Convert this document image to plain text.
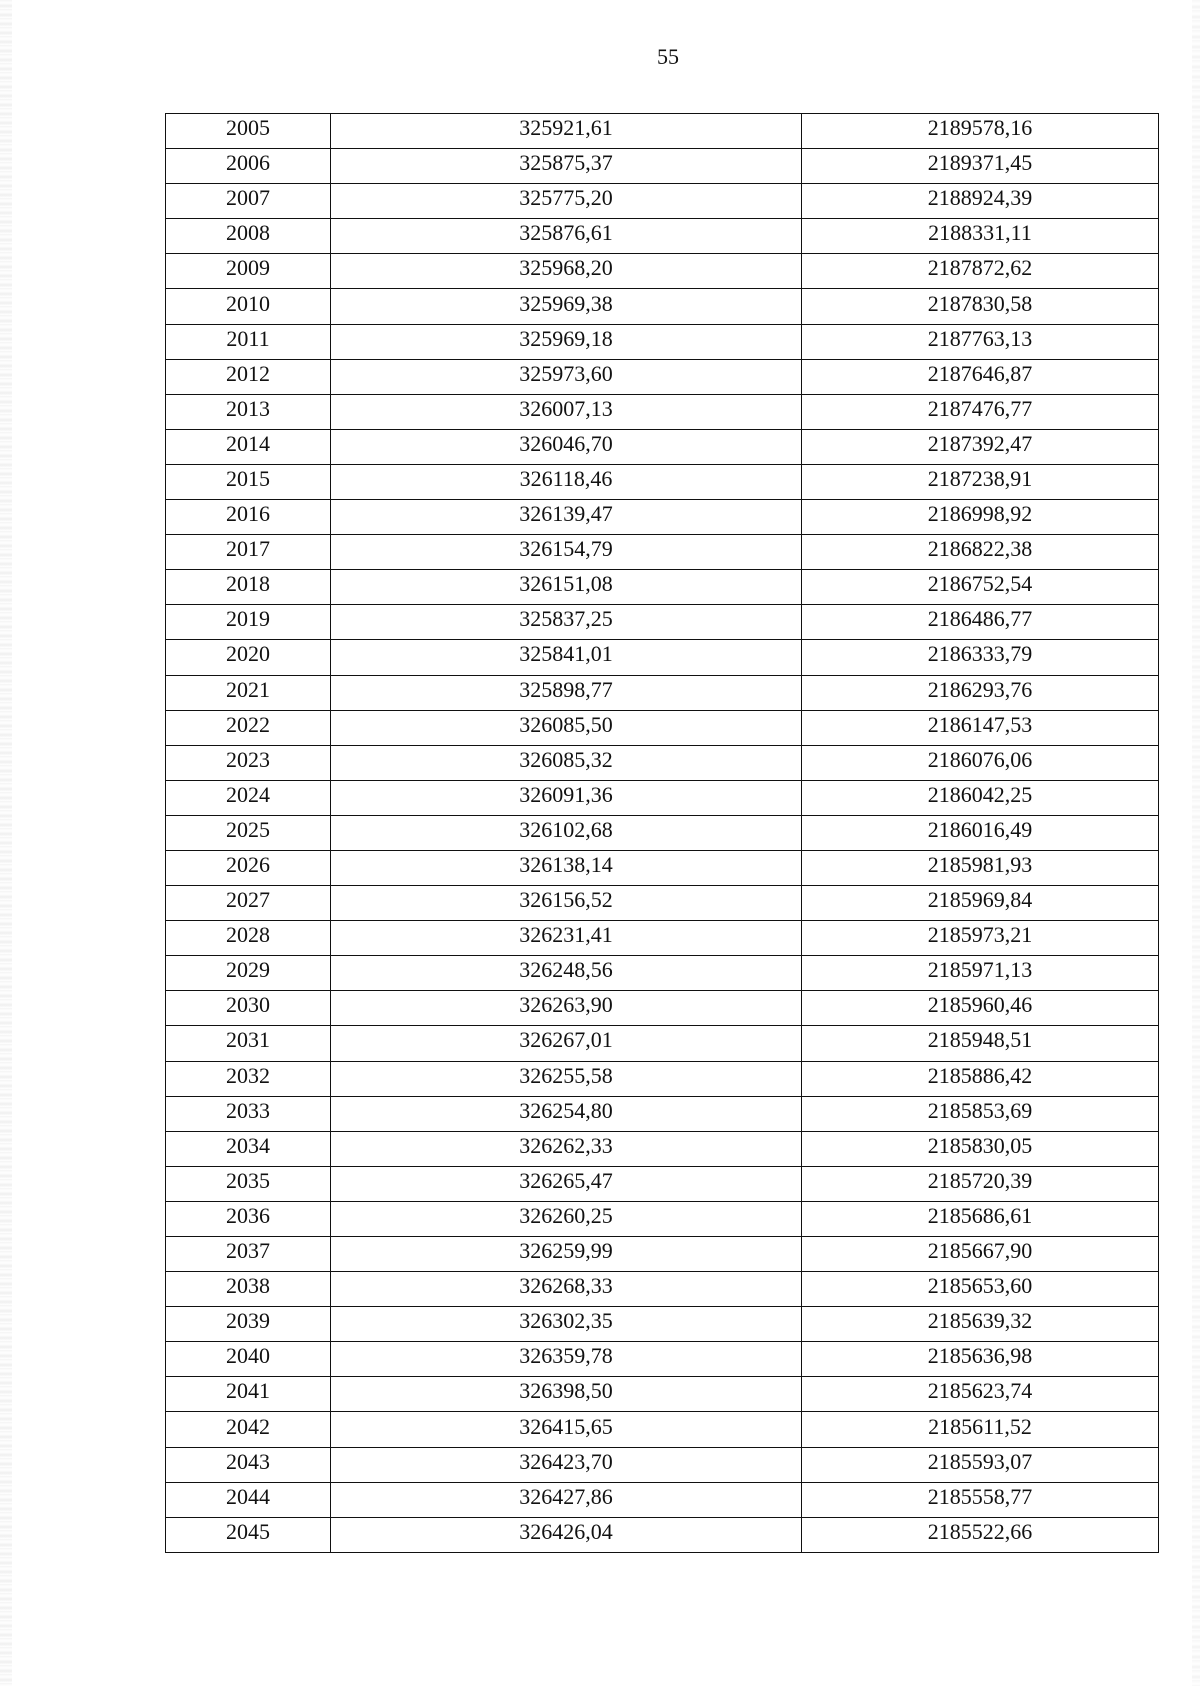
55
2005	325921,61	2189578,16
2006	325875,37	2189371,45
2007	325775,20	2188924,39
2008	325876,61	2188331,11
2009	325968,20	2187872,62
2010	325969,38	2187830,58
2011	325969,18	2187763,13
2012	325973,60	2187646,87
2013	326007,13	2187476,77
2014	326046,70	2187392,47
2015	326118,46	2187238,91
2016	326139,47	2186998,92
2017	326154,79	2186822,38
2018	326151,08	2186752,54
2019	325837,25	2186486,77
2020	325841,01	2186333,79
2021	325898,77	2186293,76
2022	326085,50	2186147,53
2023	326085,32	2186076,06
2024	326091,36	2186042,25
2025	326102,68	2186016,49
2026	326138,14	2185981,93
2027	326156,52	2185969,84
2028	326231,41	2185973,21
2029	326248,56	2185971,13
2030	326263,90	2185960,46
2031	326267,01	2185948,51
2032	326255,58	2185886,42
2033	326254,80	2185853,69
2034	326262,33	2185830,05
2035	326265,47	2185720,39
2036	326260,25	2185686,61
2037	326259,99	2185667,90
2038	326268,33	2185653,60
2039	326302,35	2185639,32
2040	326359,78	2185636,98
2041	326398,50	2185623,74
2042	326415,65	2185611,52
2043	326423,70	2185593,07
2044	326427,86	2185558,77
2045	326426,04	2185522,66
